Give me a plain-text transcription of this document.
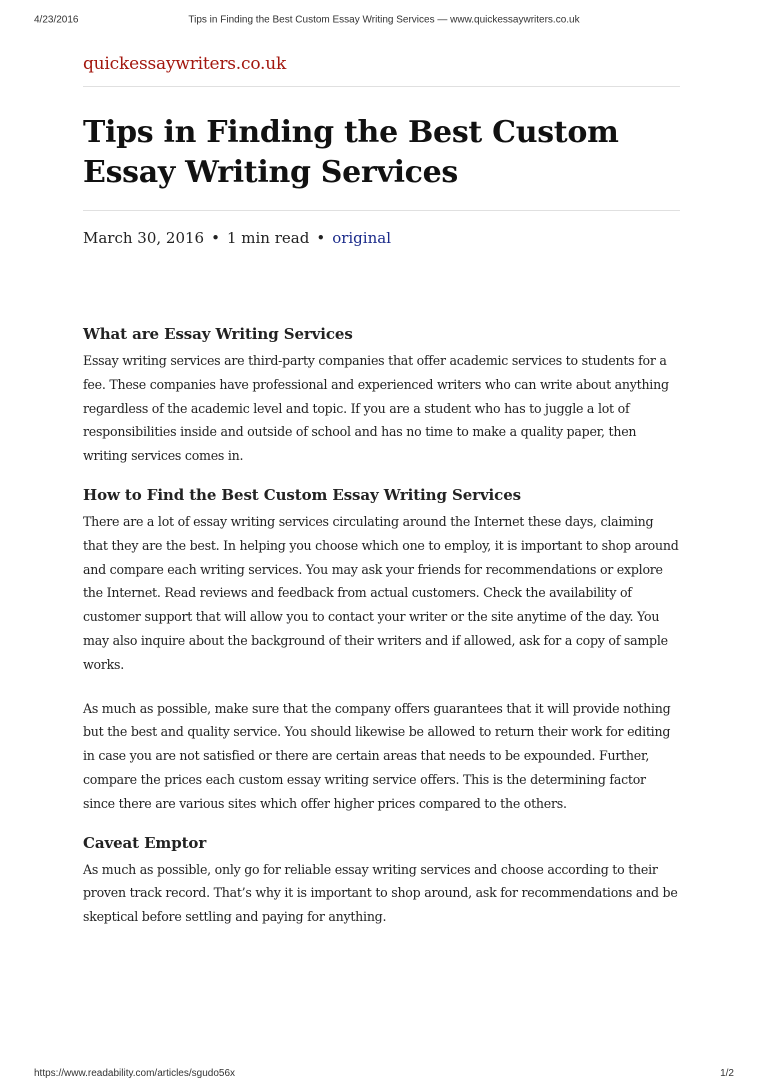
4/23/2016	Tips in Finding the Best Custom Essay Writing Services — www.quickessaywriters.co.uk
quickessaywriters.co.uk
Tips in Finding the Best Custom Essay Writing Services
March 30, 2016 • 1 min read • original
What are Essay Writing Services

Essay writing services are third-party companies that offer academic services to students for a fee. These companies have professional and experienced writers who can write about anything regardless of the academic level and topic. If you are a student who has to juggle a lot of responsibilities inside and outside of school and has no time to make a quality paper, then writing services comes in.

How to Find the Best Custom Essay Writing Services

There are a lot of essay writing services circulating around the Internet these days, claiming that they are the best. In helping you choose which one to employ, it is important to shop around and compare each writing services. You may ask your friends for recommendations or explore the Internet. Read reviews and feedback from actual customers. Check the availability of customer support that will allow you to contact your writer or the site anytime of the day. You may also inquire about the background of their writers and if allowed, ask for a copy of sample works.

As much as possible, make sure that the company offers guarantees that it will provide nothing but the best and quality service. You should likewise be allowed to return their work for editing in case you are not satisfied or there are certain areas that needs to be expounded. Further, compare the prices each custom essay writing service offers. This is the determining factor since there are various sites which offer higher prices compared to the others.

Caveat Emptor

As much as possible, only go for reliable essay writing services and choose according to their proven track record. That’s why it is important to shop around, ask for recommendations and be skeptical before settling and paying for anything.

https://www.readability.com/articles/sgudo56x	1/2
